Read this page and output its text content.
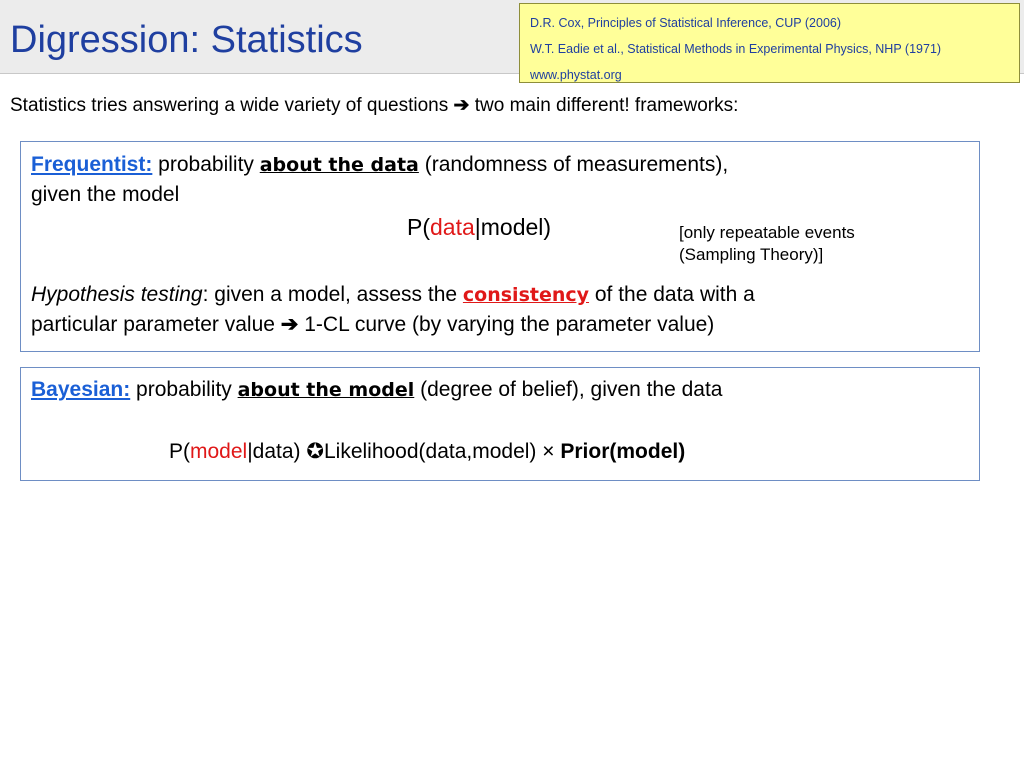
Digression: Statistics	D.R. Cox, Principles of Statistical Inference, CUP (2006)
W.T. Eadie et al., Statistical Methods in Experimental Physics, NHP (1971)
www.phystat.org
Statistics tries answering a wide variety of questions ➔ two main different! frameworks:
Frequentist: probability about the data (randomness of measurements),
given the model
P(data|model)	[only repeatable events
(Sampling Theory)]
Hypothesis testing: given a model, assess the consistency of the data with a
particular parameter value ➔ 1-CL curve (by varying the parameter value)
Bayesian: probability about the model (degree of belief), given the data
P(model|data) ✪Likelihood(data,model) × Prior(model)
